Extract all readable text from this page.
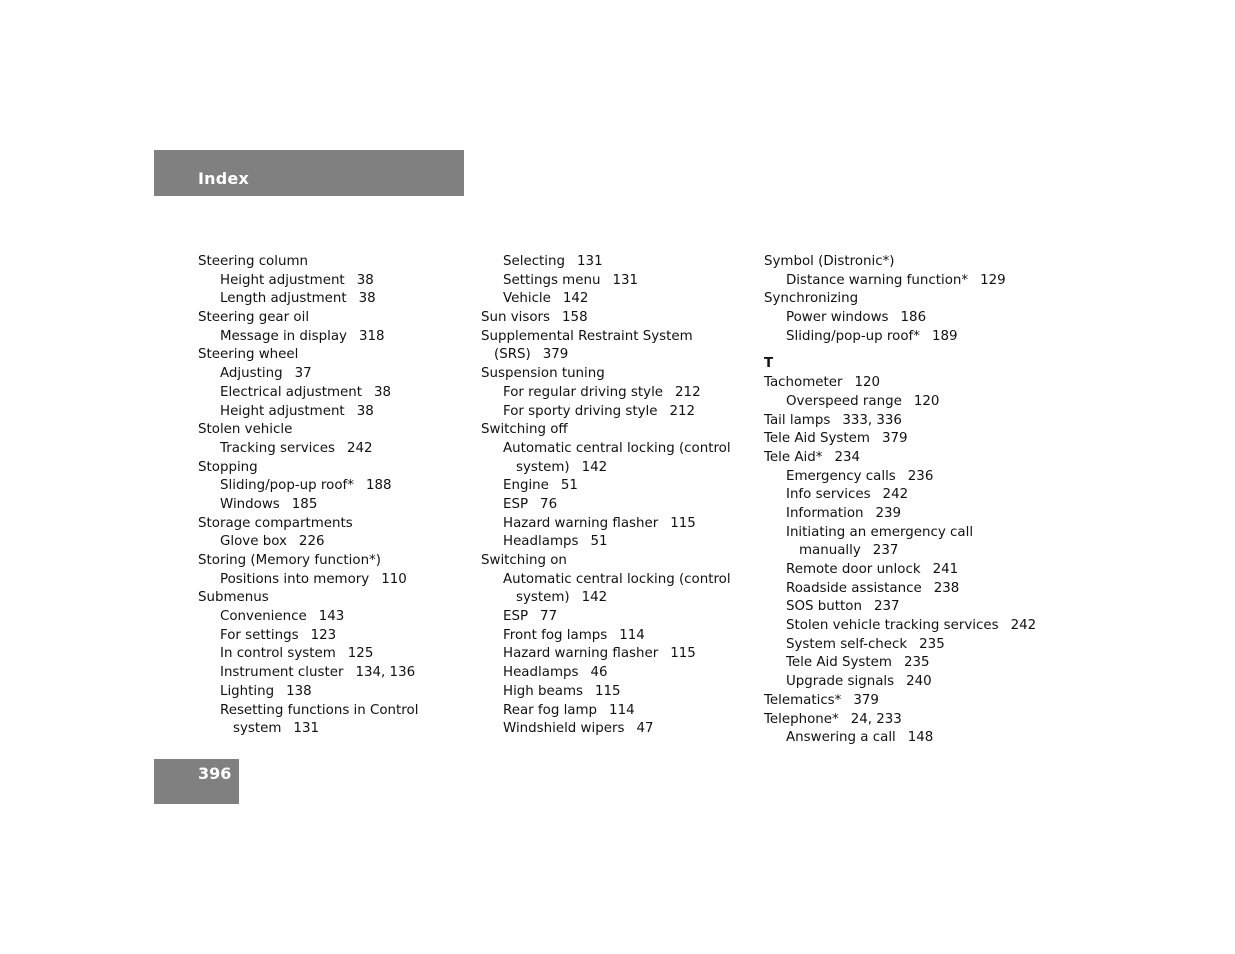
Index
Steering column
Height adjustment 38
Length adjustment 38
Steering gear oil
Message in display 318
Steering wheel
Adjusting 37
Electrical adjustment 38
Height adjustment 38
Stolen vehicle
Tracking services 242
Stopping
Sliding/pop-up roof* 188
Windows 185
Storage compartments
Glove box 226
Storing (Memory function*)
Positions into memory 110
Submenus
Convenience 143
For settings 123
In control system 125
Instrument cluster 134, 136
Lighting 138
Resetting functions in Control
system 131
Selecting 131
Settings menu 131
Vehicle 142
Sun visors 158
Supplemental Restraint System
(SRS) 379
Suspension tuning
For regular driving style 212
For sporty driving style 212
Switching off
Automatic central locking (control
system) 142
Engine 51
ESP 76
Hazard warning flasher 115
Headlamps 51
Switching on
Automatic central locking (control
system) 142
ESP 77
Front fog lamps 114
Hazard warning flasher 115
Headlamps 46
High beams 115
Rear fog lamp 114
Windshield wipers 47
Symbol (Distronic*)
Distance warning function* 129
Synchronizing
Power windows 186
Sliding/pop-up roof* 189
T
Tachometer 120
Overspeed range 120
Tail lamps 333, 336
Tele Aid System 379
Tele Aid* 234
Emergency calls 236
Info services 242
Information 239
Initiating an emergency call
manually 237
Remote door unlock 241
Roadside assistance 238
SOS button 237
Stolen vehicle tracking services 242
System self-check 235
Tele Aid System 235
Upgrade signals 240
Telematics* 379
Telephone* 24, 233
Answering a call 148
396
